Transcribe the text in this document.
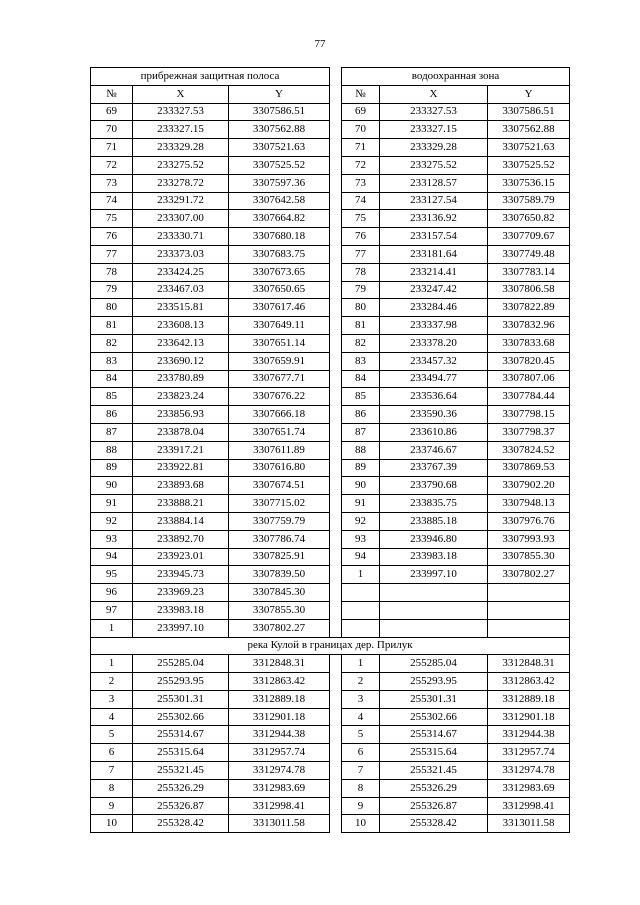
77
прибрежная защитная полоса				водоохранная зона		
№	X	Y		№	X	Y
69	233327.53	3307586.51		69	233327.53	3307586.51
70	233327.15	3307562.88		70	233327.15	3307562.88
71	233329.28	3307521.63		71	233329.28	3307521.63
72	233275.52	3307525.52		72	233275.52	3307525.52
73	233278.72	3307597.36		73	233128.57	3307536.15
74	233291.72	3307642.58		74	233127.54	3307589.79
75	233307.00	3307664.82		75	233136.92	3307650.82
76	233330.71	3307680.18		76	233157.54	3307709.67
77	233373.03	3307683.75		77	233181.64	3307749.48
78	233424.25	3307673.65		78	233214.41	3307783.14
79	233467.03	3307650.65		79	233247.42	3307806.58
80	233515.81	3307617.46		80	233284.46	3307822.89
81	233608.13	3307649.11		81	233337.98	3307832.96
82	233642.13	3307651.14		82	233378.20	3307833.68
83	233690.12	3307659.91		83	233457.32	3307820.45
84	233780.89	3307677.71		84	233494.77	3307807.06
85	233823.24	3307676.22		85	233536.64	3307784.44
86	233856.93	3307666.18		86	233590.36	3307798.15
87	233878.04	3307651.74		87	233610.86	3307798.37
88	233917.21	3307611.89		88	233746.67	3307824.52
89	233922.81	3307616.80		89	233767.39	3307869.53
90	233893.68	3307674.51		90	233790.68	3307902.20
91	233888.21	3307715.02		91	233835.75	3307948.13
92	233884.14	3307759.79		92	233885.18	3307976.76
93	233892.70	3307786.74		93	233946.80	3307993.93
94	233923.01	3307825.91		94	233983.18	3307855.30
95	233945.73	3307839.50		1	233997.10	3307802.27
96	233969.23	3307845.30				
97	233983.18	3307855.30				
1	233997.10	3307802.27				
река Кулой в границах дер. Прилук						
1	255285.04	3312848.31		1	255285.04	3312848.31
2	255293.95	3312863.42		2	255293.95	3312863.42
3	255301.31	3312889.18		3	255301.31	3312889.18
4	255302.66	3312901.18		4	255302.66	3312901.18
5	255314.67	3312944.38		5	255314.67	3312944.38
6	255315.64	3312957.74		6	255315.64	3312957.74
7	255321.45	3312974.78		7	255321.45	3312974.78
8	255326.29	3312983.69		8	255326.29	3312983.69
9	255326.87	3312998.41		9	255326.87	3312998.41
10	255328.42	3313011.58		10	255328.42	3313011.58
